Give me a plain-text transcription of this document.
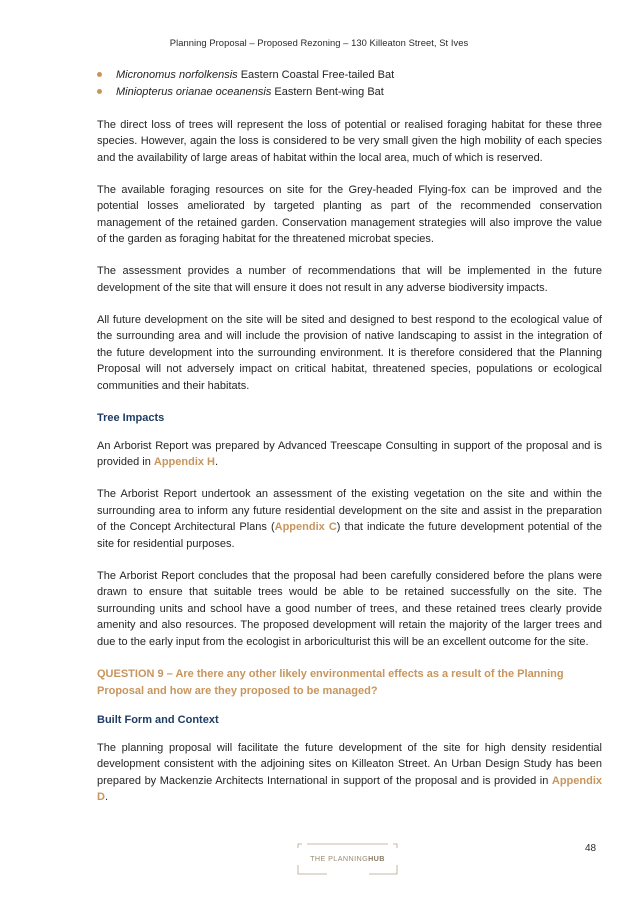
Planning Proposal – Proposed Rezoning – 130 Killeaton Street, St Ives
Micronomus norfolkensis Eastern Coastal Free-tailed Bat
Miniopterus orianae oceanensis Eastern Bent-wing Bat

The direct loss of trees will represent the loss of potential or realised foraging habitat for these three species. However, again the loss is considered to be very small given the high mobility of each species and the availability of large areas of habitat within the local area, much of which is reserved.

The available foraging resources on site for the Grey-headed Flying-fox can be improved and the potential losses ameliorated by targeted planting as part of the recommended conservation management of the retained garden. Conservation management strategies will also improve the value of the garden as foraging habitat for the threatened microbat species.

The assessment provides a number of recommendations that will be implemented in the future development of the site that will ensure it does not result in any adverse biodiversity impacts.

All future development on the site will be sited and designed to best respond to the ecological value of the surrounding area and will include the provision of native landscaping to assist in the integration of the future development into the surrounding environment. It is therefore considered that the Planning Proposal will not adversely impact on critical habitat, threatened species, populations or ecological communities and their habitats.

Tree Impacts

An Arborist Report was prepared by Advanced Treescape Consulting in support of the proposal and is provided in Appendix H.

The Arborist Report undertook an assessment of the existing vegetation on the site and within the surrounding area to inform any future residential development on the site and assist in the preparation of the Concept Architectural Plans (Appendix C) that indicate the future development potential of the site for residential purposes.

The Arborist Report concludes that the proposal had been carefully considered before the plans were drawn to ensure that suitable trees would be able to be retained successfully on the site. The surrounding units and school have a good number of trees, and these retained trees clearly provide amenity and also resources. The proposed development will retain the majority of the larger trees and due to the early input from the ecologist in arboriculturist this will be an excellent outcome for the site.

QUESTION 9 – Are there any other likely environmental effects as a result of the Planning Proposal and how are they proposed to be managed?
Built Form and Context

The planning proposal will facilitate the future development of the site for high density residential development consistent with the adjoining sites on Killeaton Street. An Urban Design Study has been prepared by Mackenzie Architects International in support of the proposal and is provided in Appendix D.

THE PLANNINGHUB
48
